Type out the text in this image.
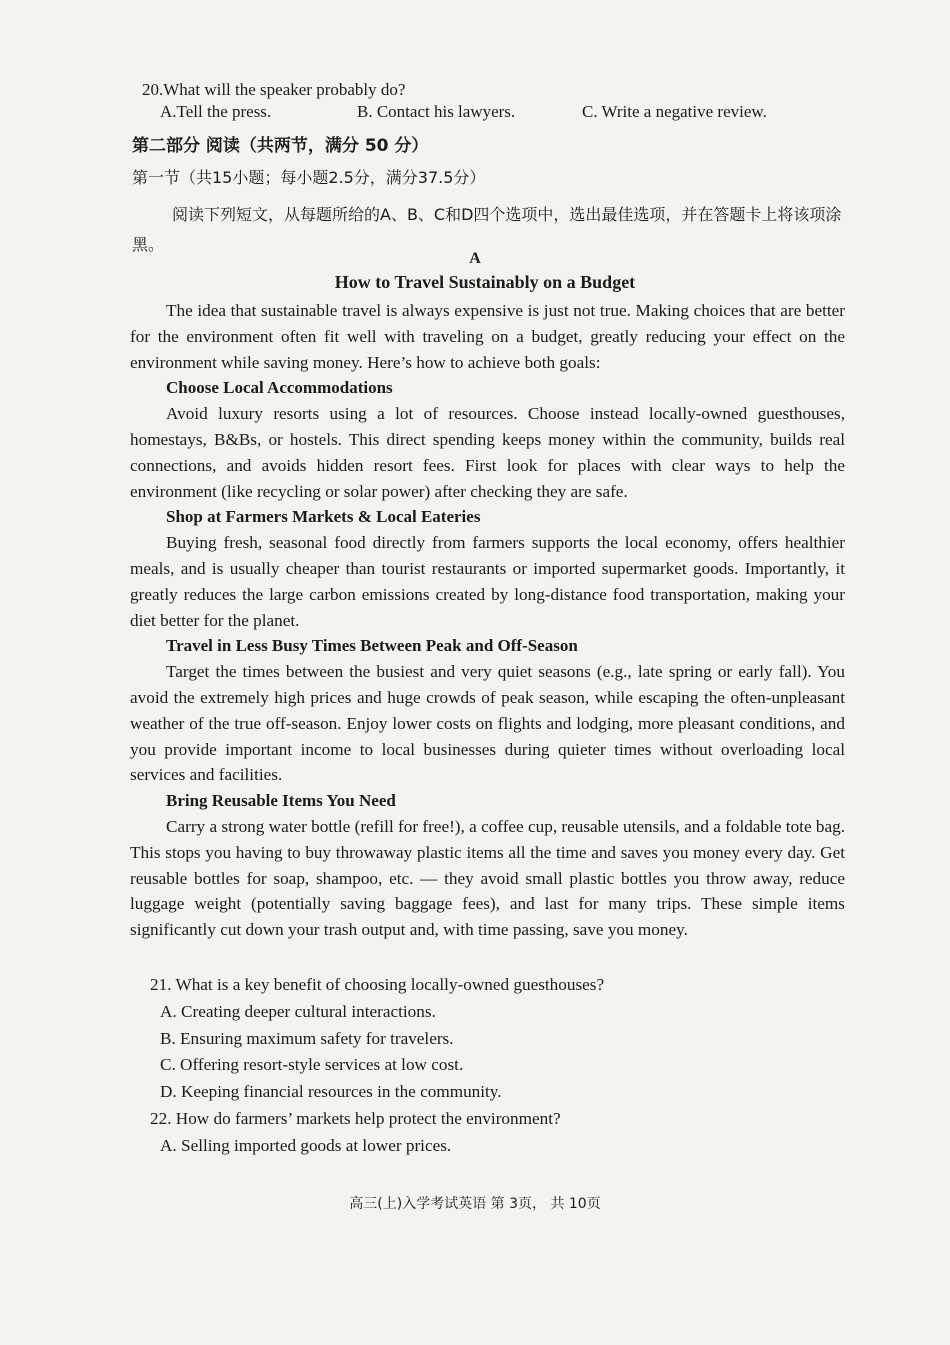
20.What will the speaker probably do?
A.Tell the press.	B. Contact his lawyers.	C. Write a negative review.
第二部分 阅读（共两节，满分 50 分）
第一节（共15小题；每小题2.5分，满分37.5分）
阅读下列短文，从每题所给的A、B、C和D四个选项中，选出最佳选项，并在答题卡上将该项涂黑。
A
How to Travel Sustainably on a Budget

The idea that sustainable travel is always expensive is just not true. Making choices that are better for the environment often fit well with traveling on a budget, greatly reducing your effect on the environment while saving money. Here’s how to achieve both goals:

Choose Local Accommodations

Avoid luxury resorts using a lot of resources. Choose instead locally-owned guesthouses, homestays, B&Bs, or hostels. This direct spending keeps money within the community, builds real connections, and avoids hidden resort fees. First look for places with clear ways to help the environment (like recycling or solar power) after checking they are safe.

Shop at Farmers Markets & Local Eateries

Buying fresh, seasonal food directly from farmers supports the local economy, offers healthier meals, and is usually cheaper than tourist restaurants or imported supermarket goods. Importantly, it greatly reduces the large carbon emissions created by long-distance food transportation, making your diet better for the planet.

Travel in Less Busy Times Between Peak and Off-Season

Target the times between the busiest and very quiet seasons (e.g., late spring or early fall). You avoid the extremely high prices and huge crowds of peak season, while escaping the often-unpleasant weather of the true off-season. Enjoy lower costs on flights and lodging, more pleasant conditions, and you provide important income to local businesses during quieter times without overloading local services and facilities.

Bring Reusable Items You Need

Carry a strong water bottle (refill for free!), a coffee cup, reusable utensils, and a foldable tote bag. This stops you having to buy throwaway plastic items all the time and saves you money every day. Get reusable bottles for soap, shampoo, etc. — they avoid small plastic bottles you throw away, reduce luggage weight (potentially saving baggage fees), and last for many trips. These simple items significantly cut down your trash output and, with time passing, save you money.

21. What is a key benefit of choosing locally-owned guesthouses?
A. Creating deeper cultural interactions.
B. Ensuring maximum safety for travelers.
C. Offering resort-style services at low cost.
D. Keeping financial resources in the community.
22. How do farmers’ markets help protect the environment?
A. Selling imported goods at lower prices.
高三(上)入学考试英语 第 3页， 共 10页
